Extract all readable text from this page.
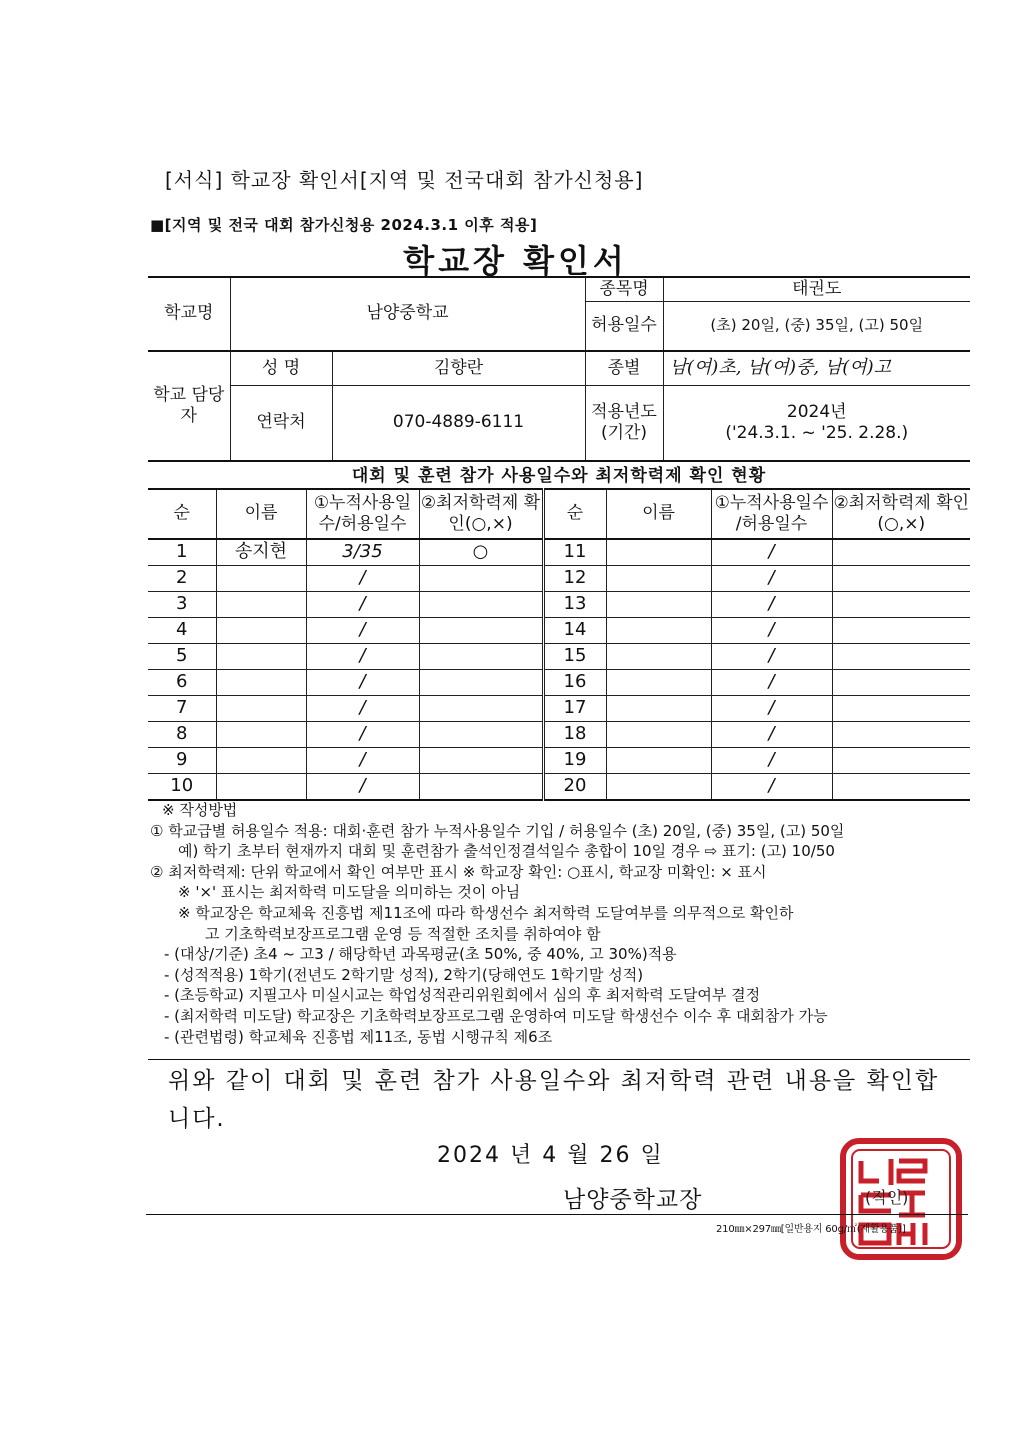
[서식] 학교장 확인서[지역 및 전국대회 참가신청용]
■[지역 및 전국 대회 참가신청용 2024.3.1 이후 적용]
학교장 확인서
학교명	남양중학교		종목명	태권도
			허용일수	(초) 20일, (중) 35일, (고) 50일
학교 담당자	성 명	김향란	종별	남(여)초, 남(여)중, 남(여)고
	연락처	070-4889-6111	적용년도 (기간)	2024년
('24.3.1. ~ '25. 2.28.)
대회 및 훈련 참가 사용일수와 최저학력제 확인 현황
순	이름	①누적사용일 수/허용일수	②최저학력제 확인(○,×)	순	이름	①누적사용일수 /허용일수	②최저학력제 확인(○,×)
1	송지현	3/35	○	11		/	
2		/		12		/	
3		/		13		/	
4		/		14		/	
5		/		15		/	
6		/		16		/	
7		/		17		/	
8		/		18		/	
9		/		19		/	
10		/		20		/	
※ 작성방법
① 학교급별 허용일수 적용: 대회·훈련 참가 누적사용일수 기입 / 허용일수 (초) 20일, (중) 35일, (고) 50일
예) 학기 초부터 현재까지 대회 및 훈련참가 출석인정결석일수 총합이 10일 경우 ⇨ 표기: (고) 10/50
② 최저학력제: 단위 학교에서 확인 여부만 표시 ※ 학교장 확인: ○표시, 학교장 미확인: × 표시
※ '×' 표시는 최저학력 미도달을 의미하는 것이 아님
※ 학교장은 학교체육 진흥법 제11조에 따라 학생선수 최저학력 도달여부를 의무적으로 확인하
고 기초학력보장프로그램 운영 등 적절한 조치를 취하여야 함
- (대상/기준) 초4 ~ 고3 / 해당학년 과목평균(초 50%, 중 40%, 고 30%)적용
- (성적적용) 1학기(전년도 2학기말 성적), 2학기(당해연도 1학기말 성적)
- (초등학교) 지필고사 미실시교는 학업성적관리위원회에서 심의 후 최저학력 도달여부 결정
- (최저학력 미도달) 학교장은 기초학력보장프로그램 운영하여 미도달 학생선수 이수 후 대회참가 가능
- (관련법령) 학교체육 진흥법 제11조, 동법 시행규칙 제6조
위와 같이 대회 및 훈련 참가 사용일수와 최저학력 관련 내용을 확인합니다.
2024 년 4 월 26 일
남양중학교장	(직인)
210㎜×297㎜[일반용지 60g/㎡(재활용품)]
